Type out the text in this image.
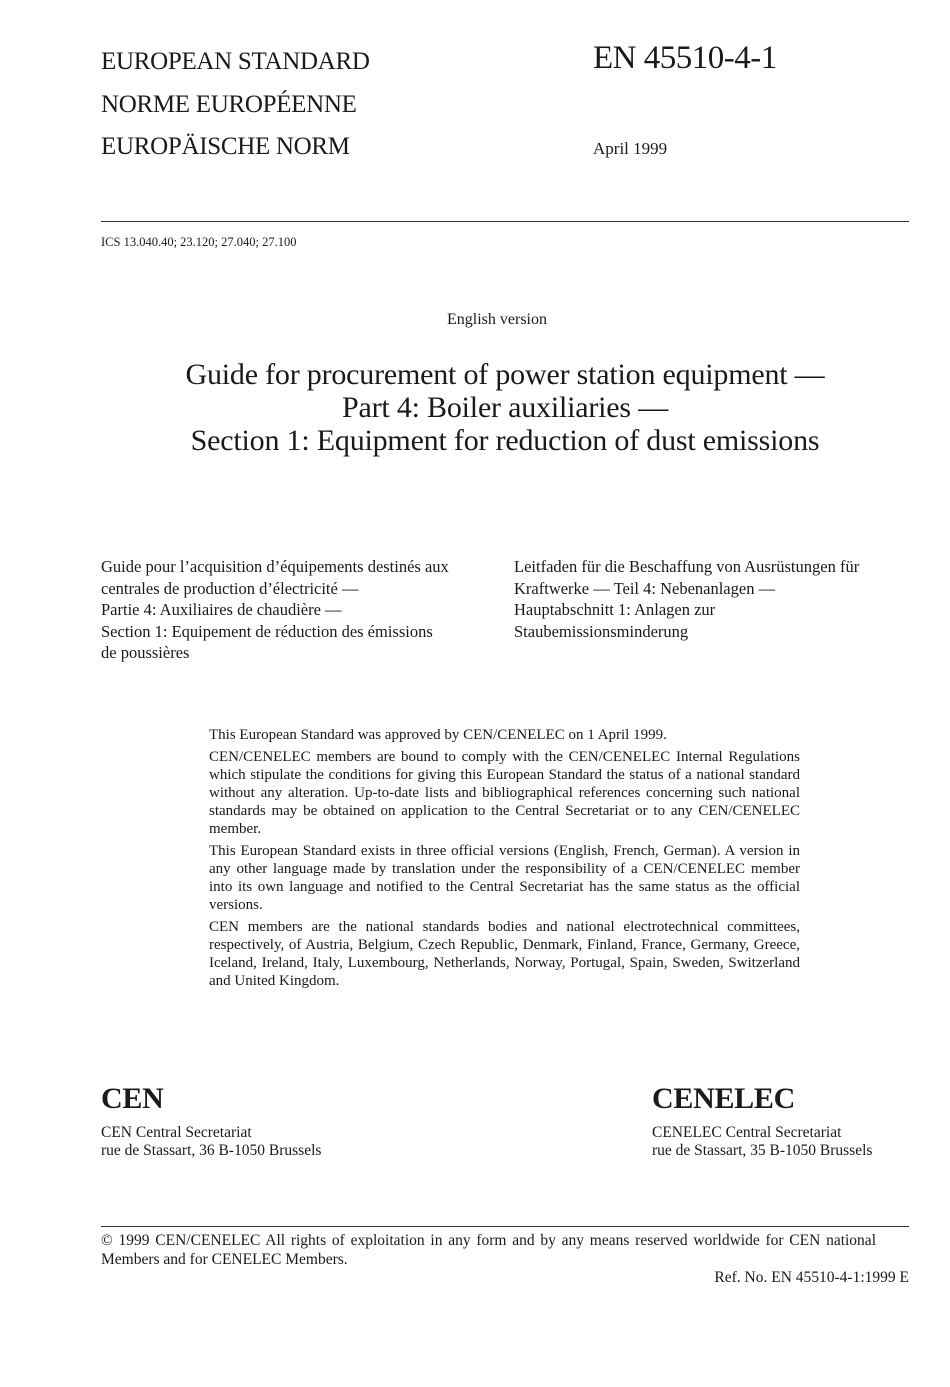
EUROPEAN STANDARD
NORME EUROPÉENNE
EUROPÄISCHE NORM
EN 45510-4-1
April 1999
ICS 13.040.40; 23.120; 27.040; 27.100
English version
Guide for procurement of power station equipment —
Part 4: Boiler auxiliaries —
Section 1: Equipment for reduction of dust emissions
Guide pour l’acquisition d’équipements destinés aux
centrales de production d’électricité —
Partie 4: Auxiliaires de chaudière —
Section 1: Equipement de réduction des émissions
de poussières
Leitfaden für die Beschaffung von Ausrüstungen für
Kraftwerke — Teil 4: Nebenanlagen —
Hauptabschnitt 1: Anlagen zur
Staubemissionsminderung

This European Standard was approved by CEN/CENELEC on 1 April 1999.

CEN/CENELEC members are bound to comply with the CEN/CENELEC Internal Regulations which stipulate the conditions for giving this European Standard the status of a national standard without any alteration. Up-to-date lists and bibliographical references concerning such national standards may be obtained on application to the Central Secretariat or to any CEN/CENELEC member.

This European Standard exists in three official versions (English, French, German). A version in any other language made by translation under the responsibility of a CEN/CENELEC member into its own language and notified to the Central Secretariat has the same status as the official versions.

CEN members are the national standards bodies and national electrotechnical committees, respectively, of Austria, Belgium, Czech Republic, Denmark, Finland, France, Germany, Greece, Iceland, Ireland, Italy, Luxembourg, Netherlands, Norway, Portugal, Spain, Sweden, Switzerland and United Kingdom.

CEN
CEN Central Secretariat
rue de Stassart, 36 B-1050 Brussels
CENELEC
CENELEC Central Secretariat
rue de Stassart, 35 B-1050 Brussels
© 1999 CEN/CENELEC All rights of exploitation in any form and by any means reserved worldwide for CEN national Members and for CENELEC Members.
Ref. No. EN 45510-4-1:1999 E
